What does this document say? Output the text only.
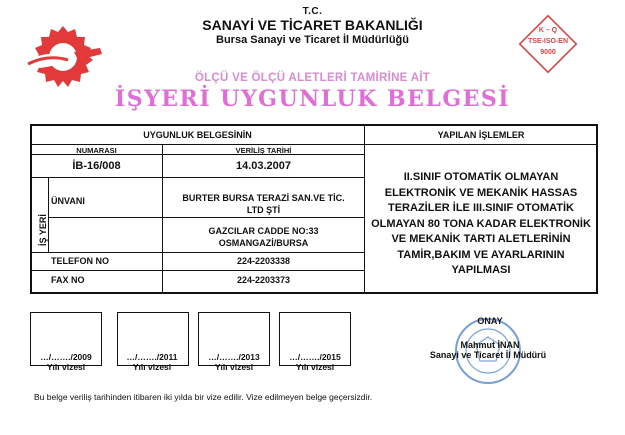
T.C.
SANAYİ VE TİCARET BAKANLIĞI
Bursa Sanayi ve Ticaret İl Müdürlüğü
ÖLÇÜ VE ÖLÇÜ ALETLERİ TAMİRİNE AİT
İŞYERİ UYGUNLUK BELGESİ
K – Q
TSE-ISO-EN
9000
UYGUNLUK BELGESİNİN
NUMARASI	VERİLİŞ TARİHİ
İB-16/008	14.03.2007
İŞ YERİ
ÜNVANI	BURTER BURSA TERAZİ SAN.VE TİC.
LTD ŞTİ
GAZCILAR CADDE NO:33
OSMANGAZİ/BURSA
TELEFON NO	224-2203338
FAX NO	224-2203373
YAPILAN İŞLEMLER
II.SINIF OTOMATİK OLMAYAN
ELEKTRONİK VE MEKANİK HASSAS
TERAZİLER İLE III.SINIF OTOMATİK
OLMAYAN 80 TONA KADAR ELEKTRONİK
VE MEKANİK TARTI ALETLERİNİN
TAMİR,BAKIM VE AYARLARININ
YAPILMASI
…/……./2009
Yılı vizesi
…/……./2011
Yılı vizesi
…/……./2013
Yılı vizesi
…/……./2015
Yılı vizesi
ONAY
Mahmut İNAN
Sanayi ve Ticaret İl Müdürü
Bu belge veriliş tarihinden itibaren iki yılda bir vize edilir. Vize edilmeyen belge geçersizdir.
